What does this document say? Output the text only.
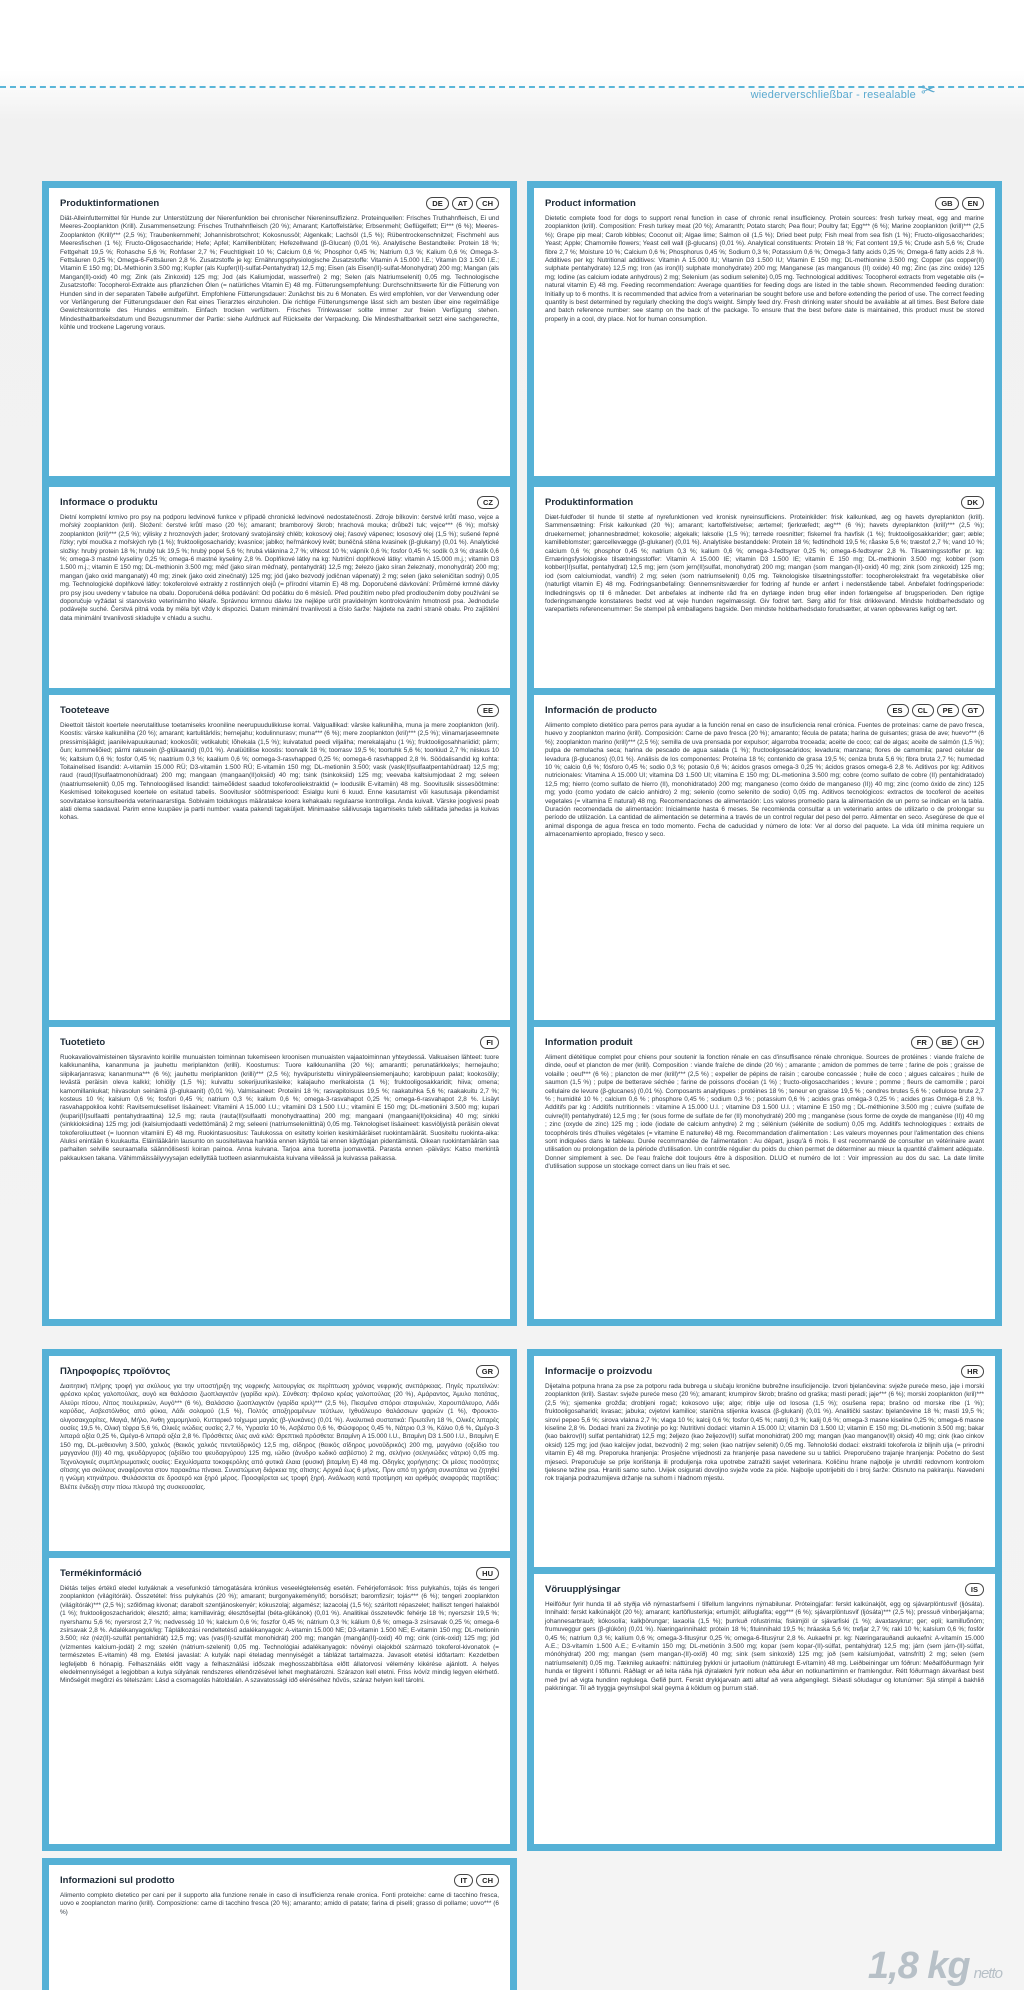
wiederverschließbar - resealable ✂
Produktinformationen	DE	AT	CH
Diät-Alleinfuttermittel für Hunde zur Unterstützung der Nierenfunktion bei chronischer Niereninsuffizienz. Proteinquellen: Frisches Truthahnfleisch, Ei und Meeres-Zooplankton (Krill). Zusammensetzung: Frisches Truthahnfleisch (20 %); Amarant; Kartoffelstärke; Erbsenmehl; Geflügelfett; Ei*** (6 %); Meeres-Zooplankton (Krill)*** (2,5 %); Traubenkernmehl; Johannisbrotschrot; Kokosnussöl; Algenkalk; Lachsöl (1,5 %); Rübentrockenschnitzel; Fischmehl aus Meeresfischen (1 %); Fructo-Oligosaccharide; Hefe; Apfel; Kamillenblüten; Hefezellwand (β-Glucan) (0,01 %). Analytische Bestandteile: Protein 18 %; Fettgehalt 19,5 %; Rohasche 5,6 %; Rohfaser 2,7 %; Feuchtigkeit 10 %; Calcium 0,6 %; Phosphor 0,45 %; Natrium 0,3 %; Kalium 0,6 %; Omega-3-Fettsäuren 0,25 %; Omega-6-Fettsäuren 2,8 %. Zusatzstoffe je kg: Ernährungsphysiologische Zusatzstoffe: Vitamin A 15.000 I.E.; Vitamin D3 1.500 I.E.; Vitamin E 150 mg; DL-Methionin 3.500 mg; Kupfer (als Kupfer(II)-sulfat-Pentahydrat) 12,5 mg; Eisen (als Eisen(II)-sulfat-Monohydrat) 200 mg; Mangan (als Mangan(II)-oxid) 40 mg; Zink (als Zinkoxid) 125 mg; Jod (als Kaliumjodat, wasserfrei) 2 mg; Selen (als Natriumselenit) 0,05 mg. Technologische Zusatzstoffe: Tocopherol-Extrakte aus pflanzlichen Ölen (= natürliches Vitamin E) 48 mg. Fütterungsempfehlung: Durchschnittswerte für die Fütterung von Hunden sind in der separaten Tabelle aufgeführt. Empfohlene Fütterungsdauer: Zunächst bis zu 6 Monaten. Es wird empfohlen, vor der Verwendung oder vor Verlängerung der Fütterungsdauer den Rat eines Tierarztes einzuholen. Die richtige Fütterungsmenge lässt sich am besten über eine regelmäßige Gewichtskontrolle des Hundes ermitteln. Einfach trocken verfüttern. Frisches Trinkwasser sollte immer zur freien Verfügung stehen. Mindesthaltbarkeitsdatum und Bezugsnummer der Partie: siehe Aufdruck auf Rückseite der Verpackung. Die Mindesthaltbarkeit setzt eine sachgerechte, kühle und trockene Lagerung voraus.
Product information	GB	EN
Dietetic complete food for dogs to support renal function in case of chronic renal insufficiency. Protein sources: fresh turkey meat, egg and marine zooplankton (krill). Composition: Fresh turkey meat (20 %); Amaranth; Potato starch; Pea flour; Poultry fat; Egg*** (6 %); Marine zooplankton (krill)*** (2,5 %); Grape pip meal; Carob kibbles; Coconut oil; Algae lime; Salmon oil (1,5 %); Dried beet pulp; Fish meal from sea fish (1 %); Fructo-oligosaccharides; Yeast; Apple; Chamomile flowers; Yeast cell wall (β-glucans) (0,01 %). Analytical constituents: Protein 18 %; Fat content 19,5 %; Crude ash 5,6 %; Crude fibre 2,7 %; Moisture 10 %; Calcium 0,6 %; Phosphorus 0,45 %; Sodium 0,3 %; Potassium 0,6 %; Omega-3 fatty acids 0,25 %; Omega-6 fatty acids 2,8 %. Additives per kg: Nutritional additives: Vitamin A 15.000 IU; Vitamin D3 1.500 IU; Vitamin E 150 mg; DL-methionine 3.500 mg; Copper (as copper(II) sulphate pentahydrate) 12,5 mg; Iron (as iron(II) sulphate monohydrate) 200 mg; Manganese (as manganous (II) oxide) 40 mg; Zinc (as zinc oxide) 125 mg; Iodine (as calcium iodate anhydrous) 2 mg; Selenium (as sodium selenite) 0,05 mg. Technological additives: Tocopherol extracts from vegetable oils (= natural vitamin E) 48 mg. Feeding recommendation: Average quantities for feeding dogs are listed in the table shown. Recommended feeding duration: Initially up to 6 months. It is recommended that advice from a veterinarian be sought before use and before extending the period of use. The correct feeding quantity is best determined by regularly checking the dog's weight. Simply feed dry. Fresh drinking water should be available at all times. Best Before date and batch reference number: see stamp on the back of the package. To ensure that the best before date is maintained, this product must be stored properly in a cool, dry place. Not for human consumption.
Informace o produktu	CZ
Dietní kompletní krmivo pro psy na podporu ledvinové funkce v případě chronické ledvinové nedostatečnosti. Zdroje bílkovin: čerstvé krůtí maso, vejce a mořský zooplankton (kril). Složení: čerstvé krůtí maso (20 %); amarant; bramborový škrob; hrachová mouka; drůbeží tuk; vejce*** (6 %); mořský zooplankton (kril)*** (2,5 %); výlisky z hroznových jader; šrotovaný svatojánský chléb; kokosový olej; řasový vápenec; lososový olej (1,5 %); sušené řepné řízky; rybí moučka z mořských ryb (1 %); fruktooligosacharidy; kvasnice; jablko; heřmánkový květ; buněčná stěna kvasinek (β-glukany) (0,01 %). Analytické složky: hrubý protein 18 %; hrubý tuk 19,5 %; hrubý popel 5,6 %; hrubá vláknina 2,7 %; vlhkost 10 %; vápník 0,6 %; fosfor 0,45 %; sodík 0,3 %; draslík 0,6 %; omega-3 mastné kyseliny 0,25 %; omega-6 mastné kyseliny 2,8 %. Doplňkové látky na kg: Nutriční doplňkové látky: vitamin A 15.000 m.j.; vitamin D3 1.500 m.j.; vitamin E 150 mg; DL-methionin 3.500 mg; měď (jako síran měďnatý, pentahydrát) 12,5 mg; železo (jako síran železnatý, monohydrát) 200 mg; mangan (jako oxid manganatý) 40 mg; zinek (jako oxid zinečnatý) 125 mg; jód (jako bezvodý jodičnan vápenatý) 2 mg; selen (jako seleničitan sodný) 0,05 mg. Technologické doplňkové látky: tokoferolové extrakty z rostlinných olejů (= přírodní vitamin E) 48 mg. Doporučené dávkování: Průměrné krmné dávky pro psy jsou uvedeny v tabulce na obalu. Doporučená délka podávání: Od počátku do 6 měsíců. Před použitím nebo před prodloužením doby používání se doporučuje vyžádat si stanovisko veterinárního lékaře. Správnou krmnou dávku lze nejlépe určit pravidelným kontrolováním hmotnosti psa. Jednoduše podávejte suché. Čerstvá pitná voda by měla být vždy k dispozici. Datum minimální trvanlivosti a číslo šarže: Najdete na zadní straně obalu. Pro zajištění data minimální trvanlivosti skladujte v chladu a suchu.
Produktinformation	DK
Diæt-fuldfoder til hunde til støtte af nyrefunktionen ved kronisk nyreinsufficiens. Proteinkilder: frisk kalkunkød, æg og havets dyreplankton (krill). Sammensætning: Frisk kalkunkød (20 %); amarant; kartoffelstivelse; ærtemel; fjerkræfedt; æg*** (6 %); havets dyreplankton (krill)*** (2,5 %); druekernemel; johannesbrødmel; kokosolie; algekalk; laksolie (1,5 %); tørrede roesnitter; fiskemel fra havfisk (1 %); fruktooligosakkarider; gær; æble; kamilleblomster; gærcellevægge (β-glukaner) (0,01 %). Analytiske bestanddele: Protein 18 %; fedtindhold 19,5 %; råaske 5,6 %; træstof 2,7 %; vand 10 %; calcium 0,6 %; phosphor 0,45 %; natrium 0,3 %; kalium 0,6 %; omega-3-fedtsyrer 0,25 %; omega-6-fedtsyrer 2,8 %. Tilsætningsstoffer pr. kg: Ernæringsfysiologiske tilsætningsstoffer: Vitamin A 15.000 IE; vitamin D3 1.500 IE; vitamin E 150 mg; DL-methionin 3.500 mg; kobber (som kobber(II)sulfat, pentahydrat) 12,5 mg; jern (som jern(II)sulfat, monohydrat) 200 mg; mangan (som mangan-(II)-oxid) 40 mg; zink (som zinkoxid) 125 mg; iod (som calciumiodat, vandfri) 2 mg; selen (som natriumselenit) 0,05 mg. Teknologiske tilsætningsstoffer: tocopherolekstrakt fra vegetabilske olier (naturligt vitamin E) 48 mg. Fodringsanbefaling: Gennemsnitsværdier for fodring af hunde er anført i nedenstående tabel. Anbefalet fodringsperiode: Indledningsvis op til 6 måneder. Det anbefales at indhente råd fra en dyrlæge inden brug eller inden forlængelse af brugsperioden. Den rigtige foderingsmængde konstateres bedst ved at veje hunden regelmæssigt. Giv fodret tørt. Sørg altid for frisk drikkevand. Mindste holdbarhedsdato og varepartiets referencenummer: Se stempel på emballagens bagside. Den mindste holdbarhedsdato forudsætter, at varen opbevares køligt og tørt.
Tooteteave	EE
Dieettoit täistoit koertele neerutalitluse toetamiseks krooniline neerupuudulikkuse korral. Valguallikad: värske kalkuniliha, muna ja mere zooplankton (kril). Koostis: värske kalkuniliha (20 %); amarant; kartulitärklis; hernejahu; kodulinnurasv; muna*** (6 %); mere zooplankton (kril)*** (2,5 %); viinamarjaseemnete pressimisjäägid; jaanileivapuukaunad; kookosõli; vetikalubi; lõhekala (1,5 %); kuivatatud peedi viljaliha; merekalajahu (1 %); fruktooligosahhariidid; pärm; õun; kummeliõied; pärmi rakusein (β-glükaanid) (0,01 %). Analüütilise koostis: toorvalk 18 %; toorrasv 19,5 %; toortuhk 5,6 %; toorkiud 2,7 %; niiskus 10 %; kaltsium 0,6 %; fosfor 0,45 %; naatrium 0,3 %; kaalium 0,6 %; oomega-3-rasvhapped 0,25 %; oomega-6 rasvhapped 2,8 %. Söödalisandid kg kohta: Toitainelised lisandid: A-vitamiin 15.000 RÜ; D3-vitamiin 1.500 RÜ; E-vitamiin 150 mg; DL-metioniin 3.500; vask (vask(II)sulfaatpentahüdraat) 12,5 mg; raud (raud(II)sulfaatmonohüdraat) 200 mg; mangaan (mangaan(II)oksiid) 40 mg; tsink (tsinkoksiid) 125 mg; veevaba kaltsiumjodaat 2 mg; seleen (naatriumseleniit) 0,05 mg. Tehnoloogilised lisandid: taimeõlidest saadud tokoferooliekstraktid (= looduslik E-vitamiin) 48 mg. Soovituslik sissesöötmine: Keskmised toitekogused koertele on esitatud tabelis. Soovituslor söötmisperiood: Esialgu kuni 6 kuud. Enne kasutamist või kasutusaja pikendamist soovitatakse konsulteerida veterinaararstiga. Sobivaim toidukogus määratakse koera kehakaalu regulaarse kontrolliga. Anda kuivalt. Värske joogivesi peab alati olema saadaval. Parim enne kuupäev ja partii number: vaata pakendi tagaküljelt. Minimaalse säilivusaja tagamiseks tuleb säilitada jahedas ja kuivas kohas.
Información de producto	ES	CL	PE	GT
Alimento completo dietético para perros para ayudar a la función renal en caso de insuficiencia renal crónica. Fuentes de proteínas: carne de pavo fresca, huevo y zooplankton marino (krill). Composición: Carne de pavo fresca (20 %); amaranto; fécula de patata; harina de guisantes; grasa de ave; huevo*** (6 %); zooplankton marino (krill)*** (2,5 %); semilla de uva prensada por expulsor; algarroba troceada; aceite de coco; cal de algas; aceite de salmón (1,5 %); pulpa de remolacha seca; harina de pescado de agua salada (1 %); fructooligosacáridos; levadura; manzana; flores de camomila; pared celular de levadura (β-glucanos) (0,01 %). Análisis de los componentes: Proteína 18 %; contenido de grasa 19,5 %; ceniza bruta 5,6 %; fibra bruta 2,7 %; humedad 10 %; calcio 0,6 %; fósforo 0,45 %; sodio 0,3 %; potasio 0,6 %; ácidos grasos omega-3 0,25 %; ácidos grasos omega-6 2,8 %. Aditivos por kg: Aditivos nutricionales: Vitamina A 15.000 UI; vitamina D3 1.500 UI; vitamina E 150 mg; DL-metionina 3.500 mg; cobre (como sulfato de cobre (II) pentahidratado) 12,5 mg; hierro (como sulfato de hierro (II), monohidratado) 200 mg; manganeso (como óxido de manganeso (II)) 40 mg; zinc (como óxido de zinc) 125 mg; yodo (como yodato de calcio anhidro) 2 mg; selenio (como selenito de sodio) 0,05 mg. Aditivos tecnológicos: extractos de tocoferol de aceites vegetales (= vitamina E natural) 48 mg. Recomendaciones de alimentación: Los valores promedio para la alimentación de un perro se indican en la tabla. Duración recomendada de alimentación: Inicialmente hasta 6 meses. Se recomienda consultar a un veterinario antes de utilizarlo o de prolongar su período de utilización. La cantidad de alimentación se determina a través de un control regular del peso del perro. Alimentar en seco. Asegúrese de que el animal disponga de agua fresca en todo momento. Fecha de caducidad y número de lote: Ver al dorso del paquete. La vida útil mínima requiere un almacenamiento apropiado, fresco y seco.
Tuotetieto	FI
Ruokavaliovalmisteinen täysravinto koirille munuaisten toiminnan tukemiseen kroonisen munuaisten vajaatoiminnan yhteydessä. Valkuaisen lähteet: tuore kalkkunanliha, kananmuna ja jauhettu meriplankton (krilli). Koostumus: Tuore kalkkunanliha (20 %); amarantti; perunatärkkelys; hernejauho; siipikarjanrasva; kananmuna*** (6 %); jauhettu meriplankton (krilli)*** (2,5 %); hyväpuristettu viinirypäleensiemenjauho; karobipuun palat; kookosöljy; levästä peräisin oleva kalkki; lohiöljy (1,5 %); kuivattu sokerijuurikasleike; kalajauho merikaloista (1 %); fruktooligosakkaridit; hiiva; omena; kamomillankukat; hiivasolun seinämä (β-glukaanit) (0,01 %). Valmisaineet: Proteiini 18 %; rasvapitoisuus 19,5 %; raakatuhka 5,6 %; raakakuitu 2,7 %; kosteus 10 %; kalsium 0,6 %; fosfori 0,45 %; natrium 0,3 %; kalium 0,6 %; omega-3-rasvahapot 0,25 %; omega-6-rasvahapot 2,8 %. Lisäyt rasvahappokiloa kohti: Ravitsemukselliset lisäaineet: Vitamiini A 15.000 I.U.; vitamiini D3 1.500 I.U.; vitamiini E 150 mg; DL-metioniini 3.500 mg; kupari (kupari(II)sulfaatti pentahydraattina) 12,5 mg; rauta (rauta(II)sulfaatti monohydraattina) 200 mg; mangaani (mangaani(II)oksidina) 40 mg; sinkki (sinkkioksidina) 125 mg; jodi (kalsiumjodaatti vedettömänä) 2 mg; seleeni (natriumseleniittinä) 0,05 mg. Teknologiset lisäaineet: kasviöljyistä peräisin olevat tokoferoliuutteet (= luonnon vitamiini E) 48 mg. Ruokintasuositus: Taulukossa on esitetty koirien keskimääräiset ruokintamäärät. Suositeltu ruokinta-aika: Aluksi enintään 6 kuukautta. Eläinlääkärin lausunto on suositeltavaa hankkia ennen käyttöä tai ennen käyttöajan pidentämistä. Oikean ruokintamäärän saa parhaiten selville seuraamalla säännöllisesti koiran painoa. Anna kuivana. Tarjoa aina tuoretta juomavettä. Parasta ennen -päiväys: Katso merkintä pakkauksen takana. Vähimmäissäilyvyysajan edellyttää tuotteen asianmukaista kuivana viileässä ja kuivassa paikassa.
Information produit	FR	BE	CH
Aliment diététique complet pour chiens pour soutenir la fonction rénale en cas d'insuffisance rénale chronique. Sources de protéines : viande fraîche de dinde, oeuf et plancton de mer (krill). Composition : viande fraîche de dinde (20 %) ; amarante ; amidon de pommes de terre ; farine de pois ; graisse de volaille ; oeuf*** (6 %) ; plancton de mer (krill)*** (2,5 %) ; expeller de pépins de raisin ; caroube concassée ; huile de coco ; algues calcaires ; huile de saumon (1,5 %) ; pulpe de betterave séchée ; farine de poissons d'océan (1 %) ; fructo-oligosaccharides ; levure ; pomme ; fleurs de camomille ; paroi cellulaire de levure (β-glucanes) (0,01 %). Composants analytiques : protéines 18 % ; teneur en graisse 19,5 % ; cendres brutes 5,6 % ; cellulose brute 2,7 % ; humidité 10 % ; calcium 0,6 % ; phosphore 0,45 % ; sodium 0,3 % ; potassium 0,6 % ; acides gras oméga-3 0,25 % ; acides gras Oméga-6 2,8 %. Additifs par kg : Additifs nutritionnels : vitamine A 15.000 U.I. ; vitamine D3 1.500 U.I. ; vitamine E 150 mg ; DL-méthionine 3.500 mg ; cuivre (sulfate de cuivre(II) pentahydraté) 12,5 mg ; fer (sous forme de sulfate de fer (II) monohydraté) 200 mg ; manganèse (sous forme de oxyde de manganèse (II)) 40 mg ; zinc (oxyde de zinc) 125 mg ; iode (iodate de calcium anhydre) 2 mg ; sélénium (sélénite de sodium) 0,05 mg. Additifs technologiques : extraits de tocophérols tirés d'huiles végétales (= vitamine E naturelle) 48 mg. Recommandation d'alimentation : Les valeurs moyennes pour l'alimentation des chiens sont indiquées dans le tableau. Durée recommandée de l'alimentation : Au départ, jusqu'à 6 mois. Il est recommandé de consulter un vétérinaire avant utilisation ou prolongation de la période d'utilisation. Un contrôle régulier du poids du chien permet de déterminer au mieux la quantité d'aliment adéquate. Donner simplement à sec. De l'eau fraîche doit toujours être à disposition. DLUO et numéro de lot : Voir impression au dos du sac. La date limite d'utilisation suppose un stockage correct dans un lieu frais et sec.
Πληροφορίες προϊόντος	GR
Διαιτητική πλήρης τροφή για σκύλους για την υποστήριξη της νεφρικής λειτουργίας σε περίπτωση χρόνιας νεφρικής ανεπάρκειας. Πηγές πρωτεϊνών: φρέσκο κρέας γαλοπούλας, αυγό και θαλάσσιο ζωοπλαγκτόν (γαρίδα κριλ). Σύνθεση: Φρέσκο κρέας γαλοπούλας (20 %), Αμάραντος, Άμυλο πατάτας, Αλεύρι πίσου, Λίπος πουλερικών, Αυγό*** (6 %), Θαλάσσιο ζωοπλαγκτόν (γαρίδα κριλ)*** (2,5 %), Πιεσμένα σπόροι σταφυλιών, Χαρουπάλευρο, Λάδι καρύδας, Ασβεστόλιθος από φύκια, Λάδι σολομού (1,5 %), Πολτός αποξηραμένων τεύτλων, Ιχθυάλευρο θαλάσσιων ψαριών (1 %), Φρουκτο-ολιγοσακχαρίτες, Μαγιά, Μήλο, Άνθη χαμομηλιού, Κυτταρικό τοίχωμα μαγιάς (β-γλυκάνες) (0,01 %). Αναλυτικά συστατικά: Πρωτεΐνη 18 %, Ολικές λιπαρές ουσίες 19,5 %, Ολική τέφρα 5,6 %, Ολικές ινώδεις ουσίες 2,7 %, Υγρασία 10 %, Ασβέστιο 0,6 %, Φώσφορος 0,45 %, Νάτριο 0,3 %, Κάλιο 0,6 %, Ωμέγα-3 λιπαρά οξέα 0,25 %, Ωμέγα-6 λιπαρά οξέα 2,8 %. Πρόσθετες ύλες ανά κιλό: Θρεπτικά πρόσθετα: Βιταμίνη A 15.000 I.U., Βιταμίνη D3 1.500 I.U., Βιταμίνη E 150 mg, DL-μεθειονίνη 3.500, χαλκός (θειικός χαλκός πενταϋδρικός) 12,5 mg, σίδηρος (θειικός σίδηρος μονοϋδρικός) 200 mg, μαγγάνιο (οξείδιο του μαγγανίου (II)) 40 mg, ψευδάργυρος (οξείδιο του ψευδαργύρου) 125 mg, ιώδιο (άνυδρο ιωδικό ασβέστιο) 2 mg, σελήνιο (σεληνιώδες νάτριο) 0,05 mg. Τεχνολογικές συμπληρωματικές ουσίες: Εκχυλίσματα τοκοφερόλης από φυτικά έλαια (φυσική βιταμίνη E) 48 mg. Οδηγίες χορήγησης: Οι μέσες ποσότητες σίτισης για σκύλους αναφέρονται στον παρακάτω πίνακα. Συνιστώμενη διάρκεια της σίτισης: Αρχικά έως 6 μήνες. Πριν από τη χρήση συνιστάται να ζητηθεί η γνώμη κτηνιάτρου. Φυλάσσεται σε δροσερό και ξηρό μέρος. Προσφέρεται ως τροφή ξηρή. Ανάλωση κατά προτίμηση και αριθμός αναφοράς παρτίδας: Βλέπε ένδειξη στην πίσω πλευρά της συσκευασίας.
Informacije o proizvodu	HR
Dijetalna potpuna hrana za pse za potporu rada bubrega u slučaju kronične bubrežne insuficijencije. Izvori bjelančevina: svježe pureće meso, jaje i morski zooplankton (kril). Sastav: svježe pureće meso (20 %); amarant; krumpirov škrob; brašno od graška; masti peradi; jaje*** (6 %); morski zooplankton (kril)*** (2,5 %); sjemenke grožđa; drobljeni rogač; kokosovo ulje; alge; riblje ulje od lososa (1,5 %); osušena repa; brašno od morske ribe (1 %); fruktooligosaharidi; kvasac; jabuka; cvjetovi kamilice; stanična stijenka kvasca (β-glukani) (0,01 %). Analitički sastav: bjelančevine 18 %; masti 19,5 %; sirovi pepeo 5,6 %; sirova vlakna 2,7 %; vlaga 10 %; kalcij 0,6 %; fosfor 0,45 %; natrij 0,3 %; kalij 0,6 %; omega-3 masne kiseline 0,25 %; omega-6 masne kiseline 2,8 %. Dodaci hrani za životinje po kg: Nutritivni dodaci: vitamin A 15.000 IJ; vitamin D3 1.500 IJ; vitamin E 150 mg; DL-metionin 3.500 mg; bakar (kao bakrov(II) sulfat pentahidrat) 12,5 mg; željezo (kao željezov(II) sulfat monohidrat) 200 mg; mangan (kao manganov(II) oksid) 40 mg; cink (kao cinkov oksid) 125 mg; jod (kao kalcijev jodat, bezvodni) 2 mg; selen (kao natrijev selenit) 0,05 mg. Tehnološki dodaci: ekstrakti tokoferola iz biljnih ulja (= prirodni vitamin E) 48 mg. Preporuka hranjenja: Prosječne vrijednosti za hranjenje pasa navedene su u tablici. Preporučeno trajanje hranjenja: Početno do šest mjeseci. Preporučuje se prije korištenja ili produljenja roka upotrebe zatražiti savjet veterinara. Količinu hrane najbolje je utvrditi redovnom kontrolom tjelesne težine psa. Hraniti samo suho. Uvijek osigurati dovoljno svježe vode za piće. Najbolje upotrijebiti do i broj šarže: Otisnuto na pakiranju. Navedeni rok trajanja podrazumijeva držanje na suhom i hladnom mjestu.
Termékinformáció	HU
Diétás teljes értékű eledel kutyáknak a vesefunkció támogatására krónikus veseelégtelenség esetén. Fehérjeforrások: friss pulykahús, tojás és tengeri zooplankton (világítórák). Összetétel: friss pulykahús (20 %); amarant; burgonyakeményítő; borsóliszt; baromfizsír; tojás*** (6 %); tengeri zooplankton (világítórák)*** (2,5 %); szőlőmag kivonat; darabolt szentjánoskenyér; kókuszolaj; algamész; lazacolaj (1,5 %); szárított répaszelet; halliszt tengeri halakból (1 %); fruktooligoszacharidok; élesztő; alma; kamillavirág; élesztősejtfal (béta-glükánok) (0,01 %). Analitikai összetevők: fehérje 18 %; nyerszsír 19,5 %; nyershamu 5,6 %; nyersrost 2,7 %; nedvesség 10 %; kalcium 0,6 %; foszfor 0,45 %; nátrium 0,3 %; kálium 0,6 %; omega-3 zsírsavak 0,25 %; omega-6 zsírsavak 2,8 %. Adalékanyagok/kg: Táplálkozási rendeltetésű adalékanyagok: A-vitamin 15.000 NE; D3-vitamin 1.500 NE; E-vitamin 150 mg; DL-metionin 3.500; réz (réz(II)-szulfát pentahidrát) 12,5 mg; vas (vas(II)-szulfát monohidrát) 200 mg; mangán (mangán(II)-oxid) 40 mg; cink (cink-oxid) 125 mg; jód (vízmentes kalcium-jodát) 2 mg; szelén (nátrium-szelenit) 0,05 mg. Technológiai adalékanyagok: növényi olajokból származó tokoferol-kivonatok (= természetes E-vitamin) 48 mg. Etetési javaslat: A kutyák napi ételadag mennyiségét a táblázat tartalmazza. Javasolt etetési időtartam: Kezdetben legfeljebb 6 hónapig. Felhasználás előtt vagy a felhasználási időszak meghosszabbítása előtt állatorvosi vélemény kikérése ajánlott. A helyes eledelmennyiséget a legjobban a kutya súlyának rendszeres ellenőrzésével lehet meghatározni. Szárazon kell etetni. Friss ivóvíz mindig legyen elérhető. Minőségét megőrzi és tételszám: Lásd a csomagolás hátoldalán. A szavatossági idő eléréséhez hűvös, száraz helyen kell tárolni.
Vöruupplýsingar	IS
Heilfóður fyrir hunda til að styðja við nýrnastarfsemi í tilfellum langvinns nýrnabilunar. Próteingjafar: ferskt kalkúnakjöt, egg og sjávarplöntusvif (ljósáta). Innihald: ferskt kalkúnakjöt (20 %); amarant; kartöflusterkja; ertumjöl; alifuglafita; egg*** (6 %); sjávarplöntusvif (ljósáta)*** (2,5 %); pressuð vínberjakjarna; johannesarbrauð; kókosolía; kalkþörungar; laxaolía (1,5 %); þurrkuð rófustrimla; fiskimjöl úr sjávarfiski (1 %); ávaxtasykrur; ger; epli; kamilluблóm; frumuveggur gers (β-glúkön) (0,01 %). Næringarinnihald: prótein 18 %; fituinnihald 19,5 %; hráaska 5,6 %; trefjar 2,7 %; raki 10 %; kalsíum 0,6 %; fosfór 0,45 %; natríum 0,3 %; kalíum 0,6 %; omega-3-fitusýrur 0,25 %; omega-6-fitusýrur 2,8 %. Aukaefni pr. kg: Næringarauðandi aukaefni: A-vítamín 15.000 A.E.; D3-vítamín 1.500 A.E.; E-vítamín 150 mg; DL-metíónín 3.500 mg; kopar (sem kopar-(II)-súlfat, pentahýdrat) 12,5 mg; járn (sem járn-(II)-súlfat, mónóhýdrat) 200 mg; mangan (sem mangan-(II)-oxíð) 40 mg; sink (sem sinkoxíð) 125 mg; joð (sem kalsíumjoðat, vatnsfrítt) 2 mg; selen (sem natríumselenít) 0,05 mg. Tæknileg aukaefni: náttúruleg þykkni úr jurtaolíum (náttúrulegt E-vítamín) 48 mg. Leiðbeiningar um fóðrun: Meðalfóðurmagn fyrir hunda er tilgreint í töflunni. Ráðlagt er að leita ráða hjá dýralækni fyrir notkun eða áður en notkunartíminn er framlengdur. Rétt fóðurmagn ákvarðast best með því að vigta hundinn reglulega. Gefið þurrt. Ferskt drykkjarvatn ætti alltaf að vera aðgengilegt. Síðasti söludagur og lotunúmer: Sjá stimpil á bakhlið pakkningar. Til að tryggja geymsluþol skal geyma á köldum og þurrum stað.
Informazioni sul prodotto	IT	CH
Alimento completo dietetico per cani per il supporto alla funzione renale in caso di insufficienza renale cronica. Fonti proteiche: carne di tacchino fresca, uovo e zooplancton marino (krill). Composizione: carne di tacchino fresca (20 %); amaranto; amido di patate; farina di piselli; grasso di pollame; uovo*** (6 %)
1,8 kg netto
